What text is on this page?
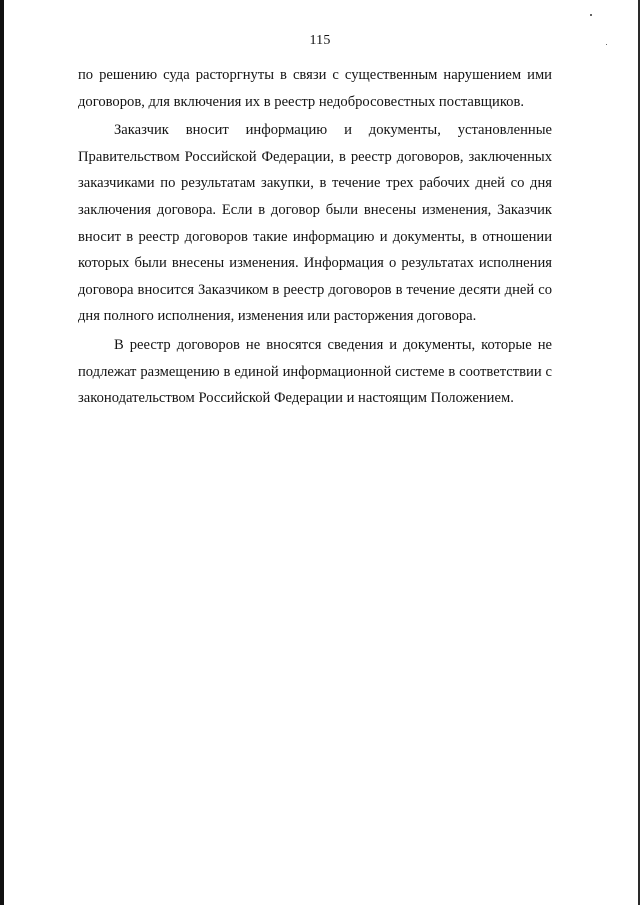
115

по решению суда расторгнуты в связи с существенным нарушением ими договоров, для включения их в реестр недобросовестных поставщиков.

Заказчик вносит информацию и документы, установленные Правительством Российской Федерации, в реестр договоров, заключенных заказчиками по результатам закупки, в течение трех рабочих дней со дня заключения договора. Если в договор были внесены изменения, Заказчик вносит в реестр договоров такие информацию и документы, в отношении которых были внесены изменения. Информация о результатах исполнения договора вносится Заказчиком в реестр договоров в течение десяти дней со дня полного исполнения, изменения или расторжения договора.

В реестр договоров не вносятся сведения и документы, которые не подлежат размещению в единой информационной системе в соответствии с законодательством Российской Федерации и настоящим Положением.
